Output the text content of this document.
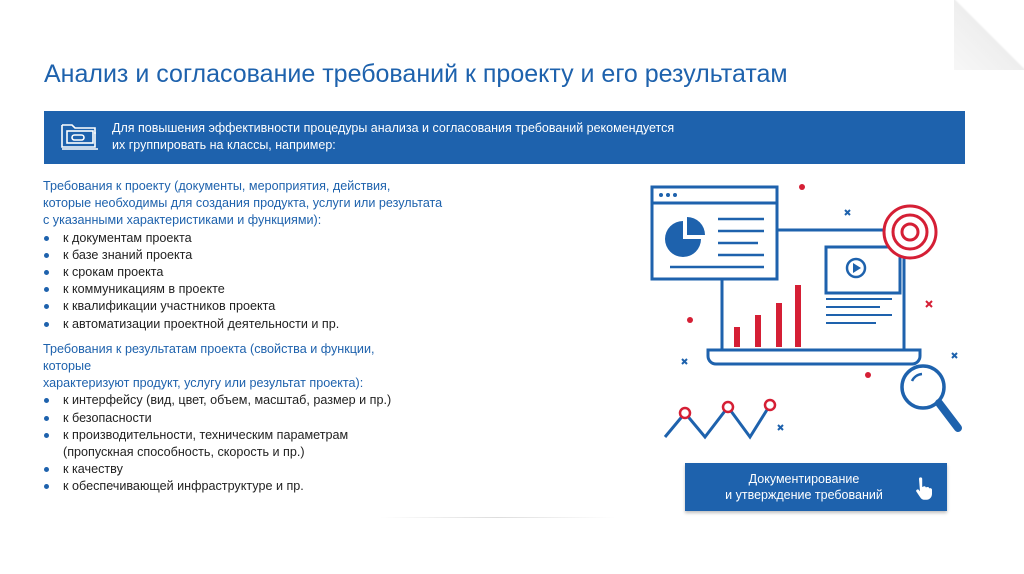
Анализ и согласование требований к проекту и его результатам
Для повышения эффективности процедуры анализа и согласования требований рекомендуется
их группировать на классы, например:
Требования к проекту (документы, мероприятия, действия,
которые необходимы для создания продукта, услуги или результата
с указанными характеристиками и функциями):
к документам проекта
к базе знаний проекта
к срокам проекта
к коммуникациям в проекте
к квалификации участников проекта
к автоматизации проектной деятельности и пр.
Требования к результатам проекта (свойства и функции,
которые
характеризуют продукт, услугу или результат проекта):
к интерфейсу (вид, цвет, объем, масштаб, размер и пр.)
к безопасности
к производительности, техническим параметрам
(пропускная способность, скорость и пр.)
к качеству
к обеспечивающей инфраструктуре и пр.
Документирование
и утверждение требований
